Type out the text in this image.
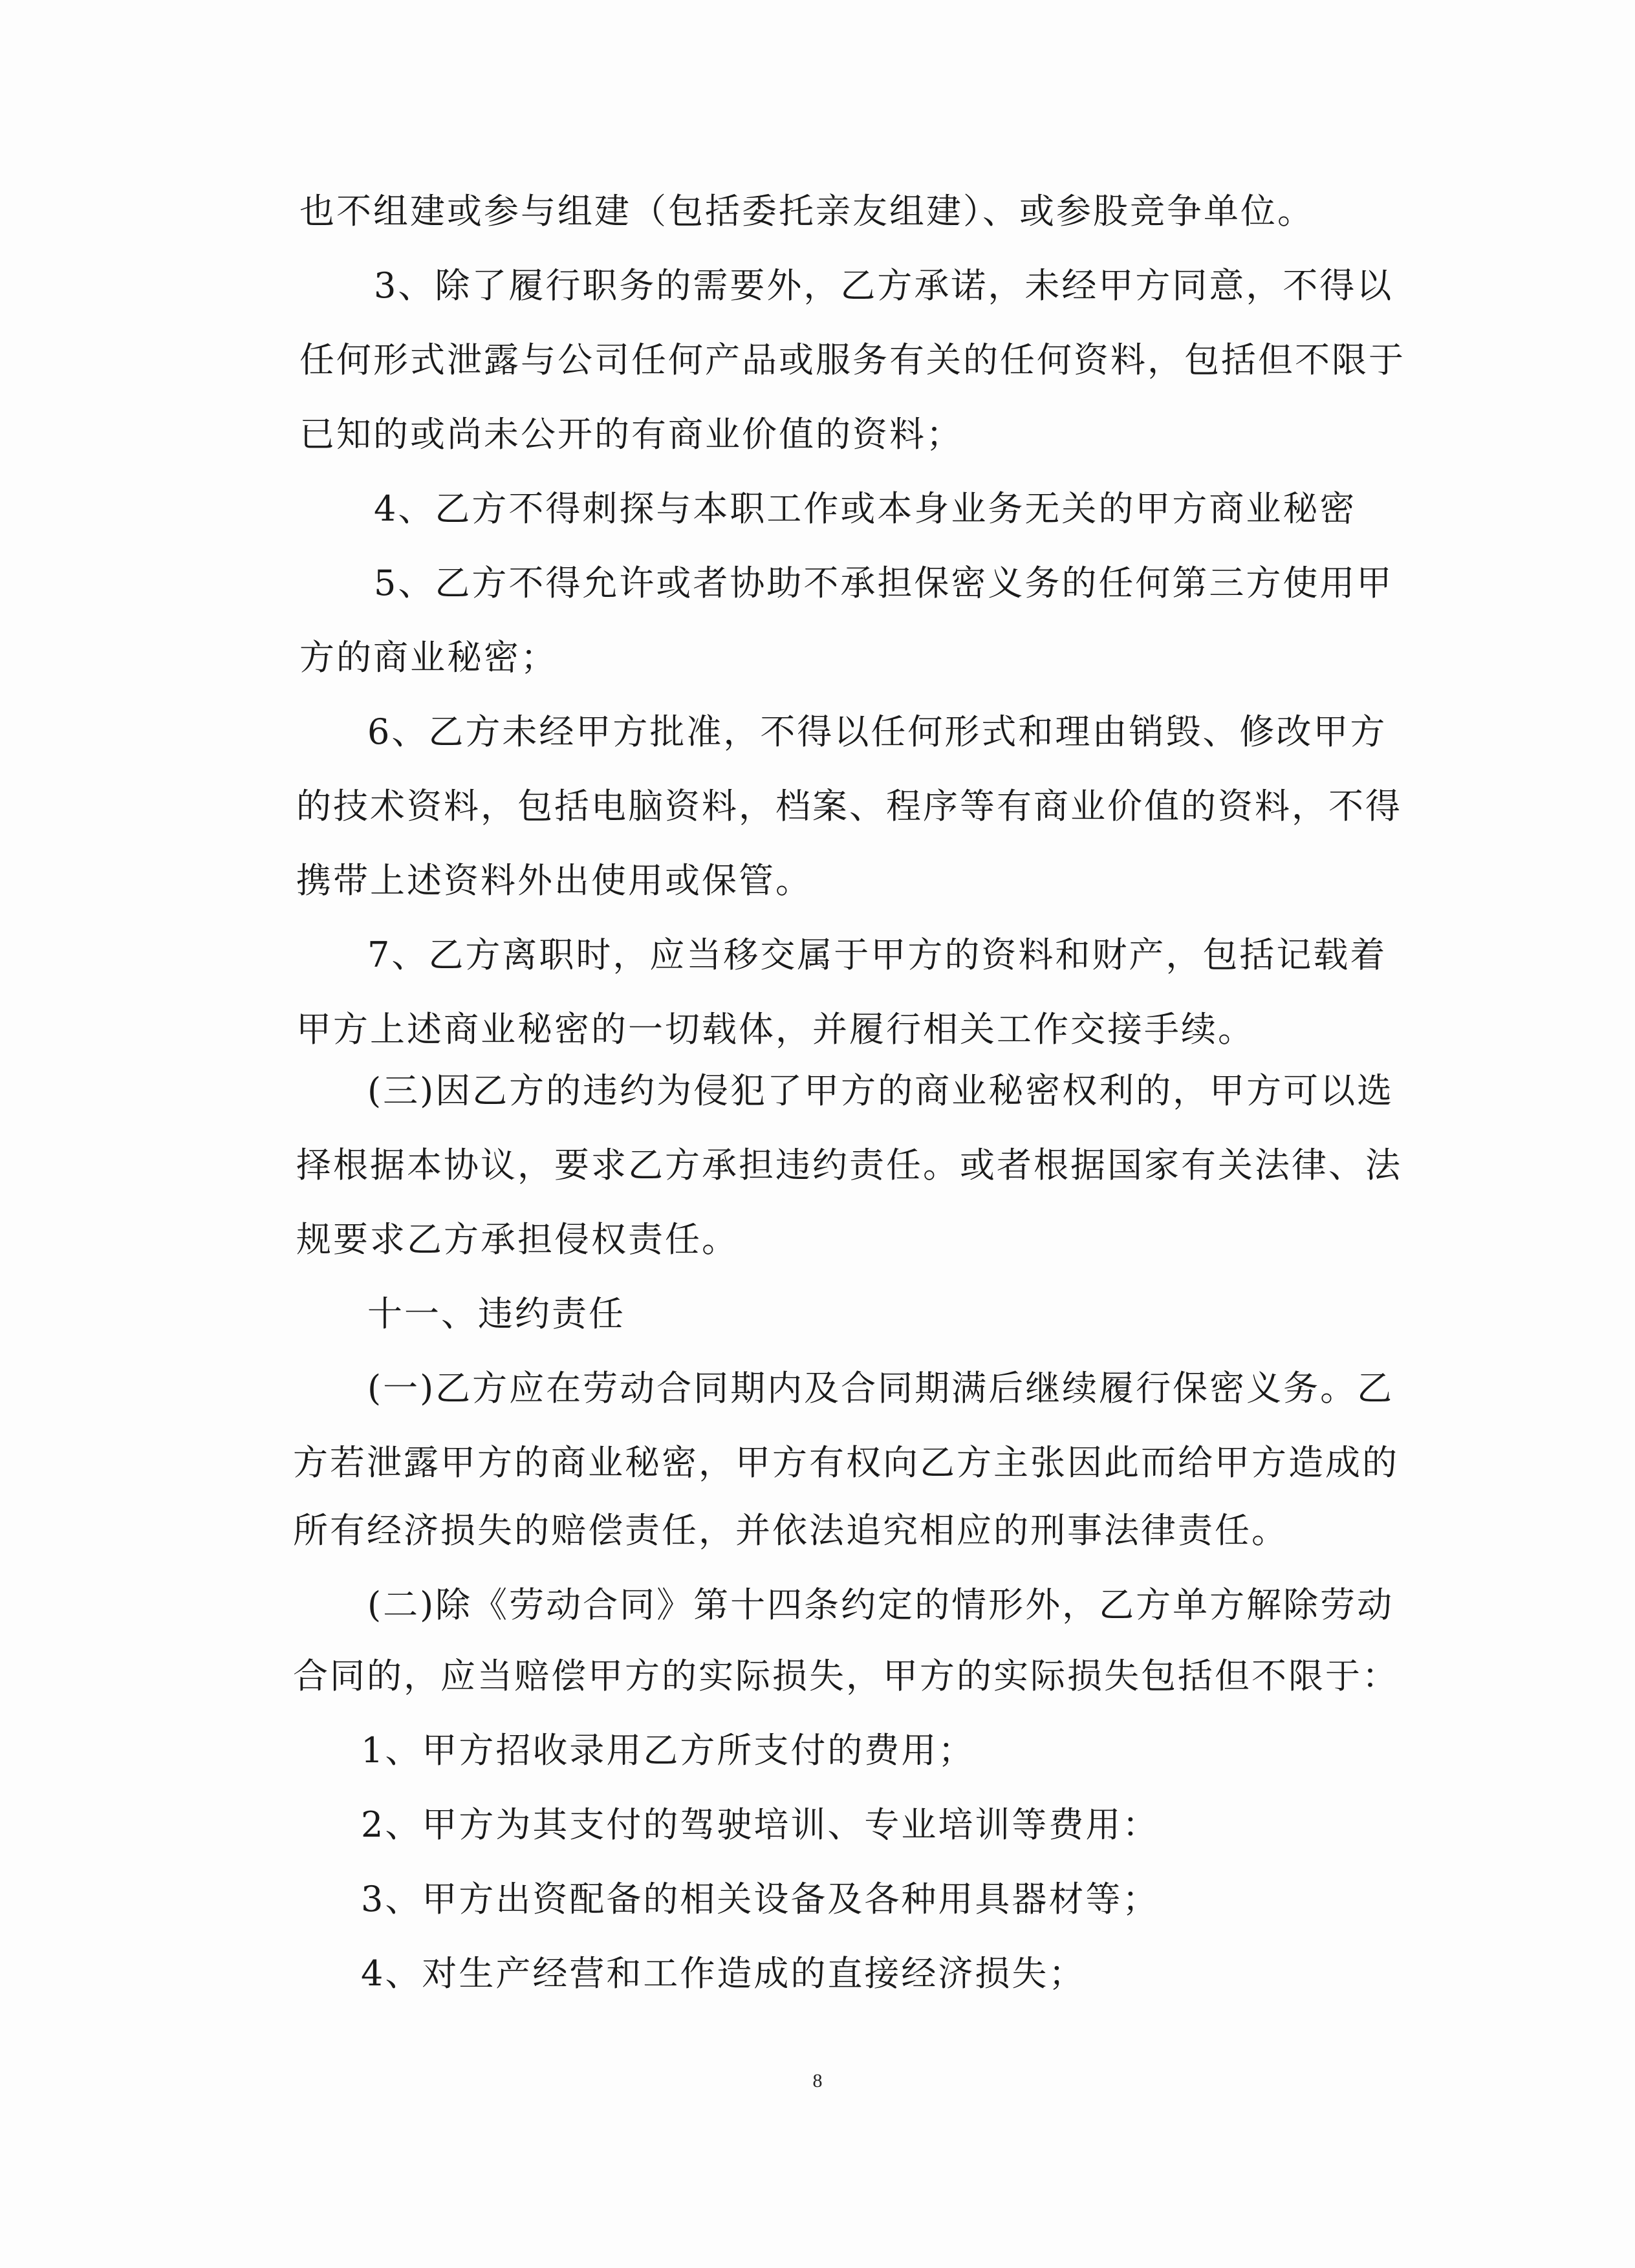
也不组建或参与组建（包括委托亲友组建）、或参股竞争单位。
3、除了履行职务的需要外，乙方承诺，未经甲方同意，不得以
任何形式泄露与公司任何产品或服务有关的任何资料，包括但不限于
已知的或尚未公开的有商业价值的资料；
4、乙方不得刺探与本职工作或本身业务无关的甲方商业秘密
5、乙方不得允许或者协助不承担保密义务的任何第三方使用甲
方的商业秘密；
6、乙方未经甲方批准，不得以任何形式和理由销毁、修改甲方
的技术资料，包括电脑资料，档案、程序等有商业价值的资料，不得
携带上述资料外出使用或保管。
7、乙方离职时，应当移交属于甲方的资料和财产，包括记载着
甲方上述商业秘密的一切载体，并履行相关工作交接手续。
(三)因乙方的违约为侵犯了甲方的商业秘密权利的，甲方可以选
择根据本协议，要求乙方承担违约责任。或者根据国家有关法律、法
规要求乙方承担侵权责任。
十一、违约责任
(一)乙方应在劳动合同期内及合同期满后继续履行保密义务。乙
方若泄露甲方的商业秘密，甲方有权向乙方主张因此而给甲方造成的
所有经济损失的赔偿责任，并依法追究相应的刑事法律责任。
(二)除《劳动合同》第十四条约定的情形外，乙方单方解除劳动
合同的，应当赔偿甲方的实际损失，甲方的实际损失包括但不限于：
1、甲方招收录用乙方所支付的费用；
2、甲方为其支付的驾驶培训、专业培训等费用：
3、甲方出资配备的相关设备及各种用具器材等；
4、对生产经营和工作造成的直接经济损失；
8
